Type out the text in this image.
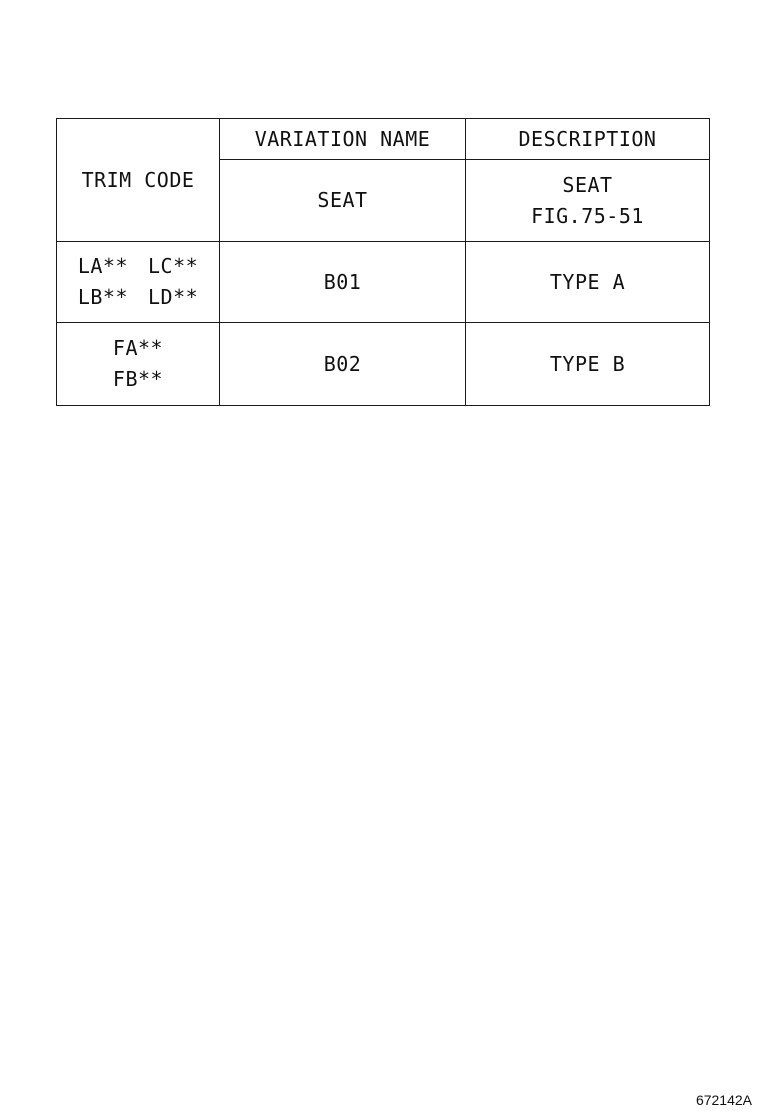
TRIM CODE	VARIATION NAME	DESCRIPTION
	SEAT	SEAT
FIG.75-51

LA** LC**
LB** LD**	B01	TYPE A

FA**
FB**	B02	TYPE B
672142A
